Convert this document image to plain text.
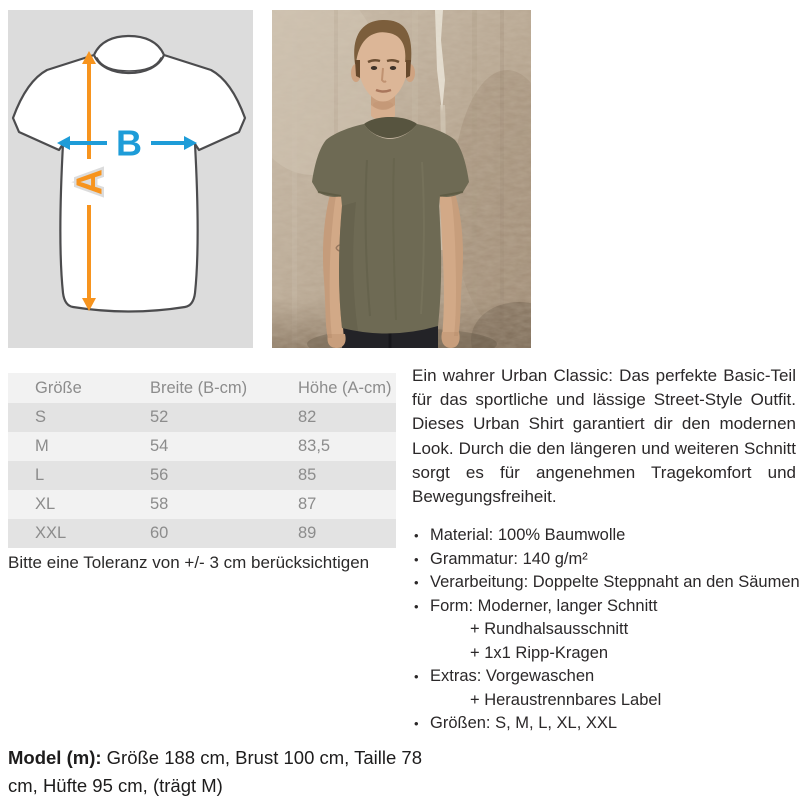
A
B
Größe	Breite (B-cm)	Höhe (A-cm)
S	52	82
M	54	83,5
L	56	85
XL	58	87
XXL	60	89
Bitte eine Toleranz von +/- 3 cm berücksichtigen

Ein wahrer Urban Classic: Das perfekte Basic-Teil für das sportliche und lässige Street-Style Outfit. Dieses Urban Shirt garantiert dir den modernen Look. Durch die den längeren und weiteren Schnitt sorgt es für angenehmen Tragekomfort und Bewegungsfreiheit.

• Material: 100% Baumwolle
• Grammatur: 140 g/m²
• Verarbeitung: Doppelte Steppnaht an den Säumen
• Form: Moderner, langer Schnitt
+ Rundhalsausschnitt
+ 1x1 Ripp-Kragen
• Extras: Vorgewaschen
+ Heraustrennbares Label
• Größen: S, M, L, XL, XXL
Model (m): Größe 188 cm, Brust 100 cm, Taille 78 cm, Hüfte 95 cm, (trägt M)
